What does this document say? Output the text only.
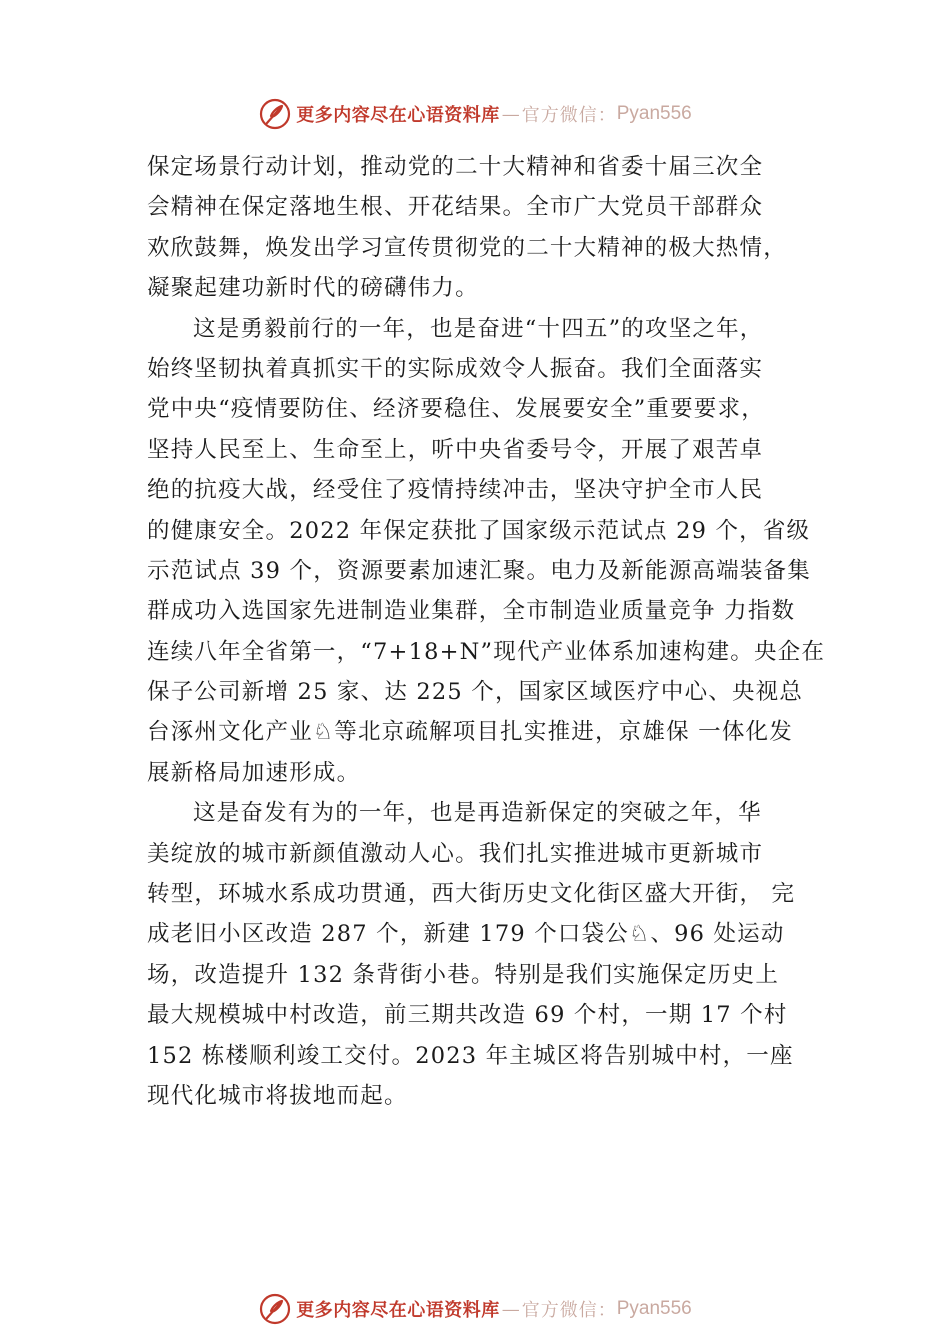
更多内容尽在心语资料库 — 官方微信： Pyan556
保定场景行动计划，推动党的二十大精神和省委十届三次全
会精神在保定落地生根、开花结果。全市广大党员干部群众
欢欣鼓舞，焕发出学习宣传贯彻党的二十大精神的极大热情，
凝聚起建功新时代的磅礴伟力。
这是勇毅前行的一年，也是奋进“十四五”的攻坚之年，
始终坚韧执着真抓实干的实际成效令人振奋。我们全面落实
党中央“疫情要防住、经济要稳住、发展要安全”重要要求，
坚持人民至上、生命至上，听中央省委号令，开展了艰苦卓
绝的抗疫大战，经受住了疫情持续冲击，坚决守护全市人民
的健康安全。2022 年保定获批了国家级示范试点 29 个，省级
示范试点 39 个，资源要素加速汇聚。电力及新能源高端装备集
群成功入选国家先进制造业集群，全市制造业质量竞争 力指数
连续八年全省第一，“7+18+N”现代产业体系加速构建。央企在
保子公司新增 25 家、达 225 个，国家区域医疗中心、央视总
台涿州文化产业♘等北京疏解项目扎实推进，京雄保 一体化发
展新格局加速形成。
这是奋发有为的一年，也是再造新保定的突破之年，华
美绽放的城市新颜值激动人心。我们扎实推进城市更新城市
转型，环城水系成功贯通，西大街历史文化街区盛大开街， 完
成老旧小区改造 287 个，新建 179 个口袋公♘、96 处运动
场，改造提升 132 条背街小巷。特别是我们实施保定历史上
最大规模城中村改造，前三期共改造 69 个村，一期 17 个村
152 栋楼顺利竣工交付。2023 年主城区将告别城中村，一座
现代化城市将拔地而起。
更多内容尽在心语资料库 — 官方微信： Pyan556
